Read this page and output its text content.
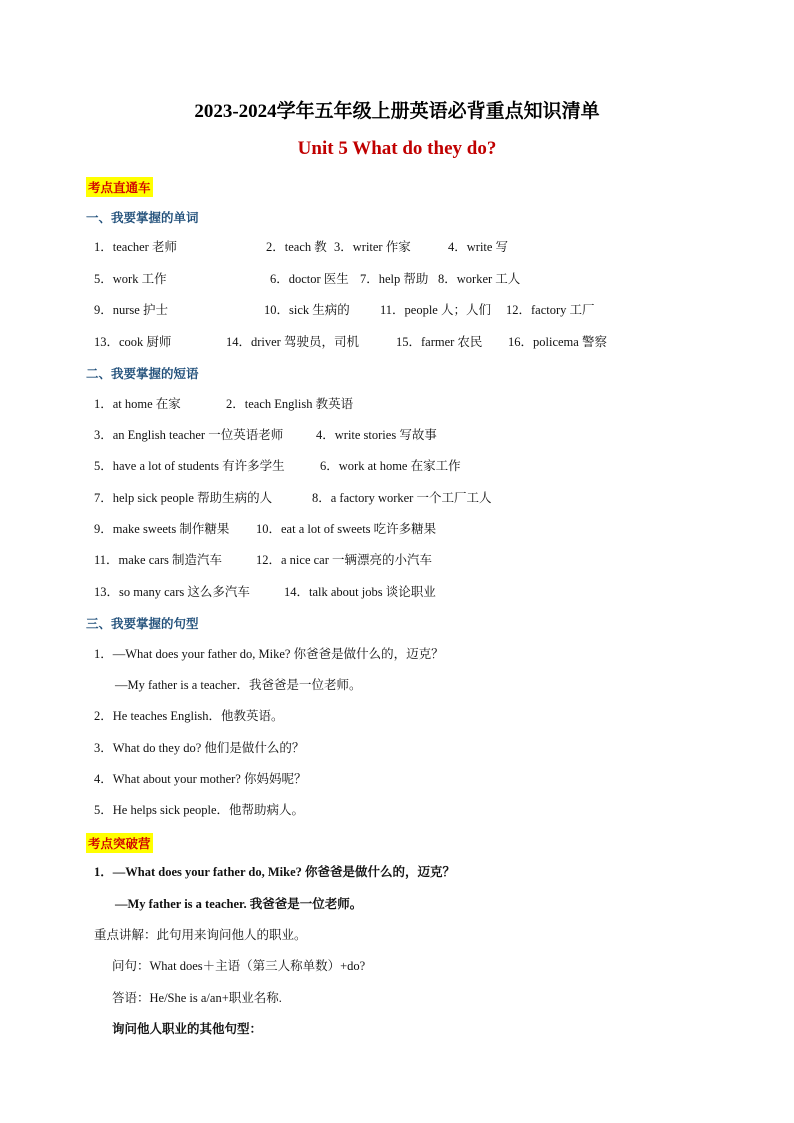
2023-2024学年五年级上册英语必背重点知识清单
Unit 5 What do they do?
考点直通车
一、我要掌握的单词
1．teacher 老师	2．teach 教 3．writer 作家	4．write 写
5．work 工作	6．doctor 医生 7．help 帮助 8．worker 工人
9．nurse 护士	10．sick 生病的 11．people 人；人们 12．factory 工厂
13．cook 厨师	14．driver 驾驶员，司机	15．farmer 农民 16．policema 警察
二、我要掌握的短语
1．at home 在家	2．teach English 教英语
3．an English teacher 一位英语老师	4．write stories 写故事
5．have a lot of students 有许多学生	6．work at home 在家工作
7．help sick people 帮助生病的人	8．a factory worker 一个工厂工人
9．make sweets 制作糖果 10．eat a lot of sweets 吃许多糖果
11．make cars 制造汽车	12．a nice car 一辆漂亮的小汽车
13．so many cars 这么多汽车	14．talk about jobs 谈论职业
三、我要掌握的句型
1．—What does your father do, Mike? 你爸爸是做什么的，迈克？
—My father is a teacher．我爸爸是一位老师。
2．He teaches English．他教英语。
3．What do they do? 他们是做什么的？
4．What about your mother? 你妈妈呢？
5．He helps sick people．他帮助病人。
考点突破营
1．—What does your father do, Mike? 你爸爸是做什么的，迈克？
—My father is a teacher. 我爸爸是一位老师。
重点讲解：此句用来询问他人的职业。
问句：What does＋主语（第三人称单数）+do?
答语：He/She is a/an+职业名称.
询问他人职业的其他句型：
